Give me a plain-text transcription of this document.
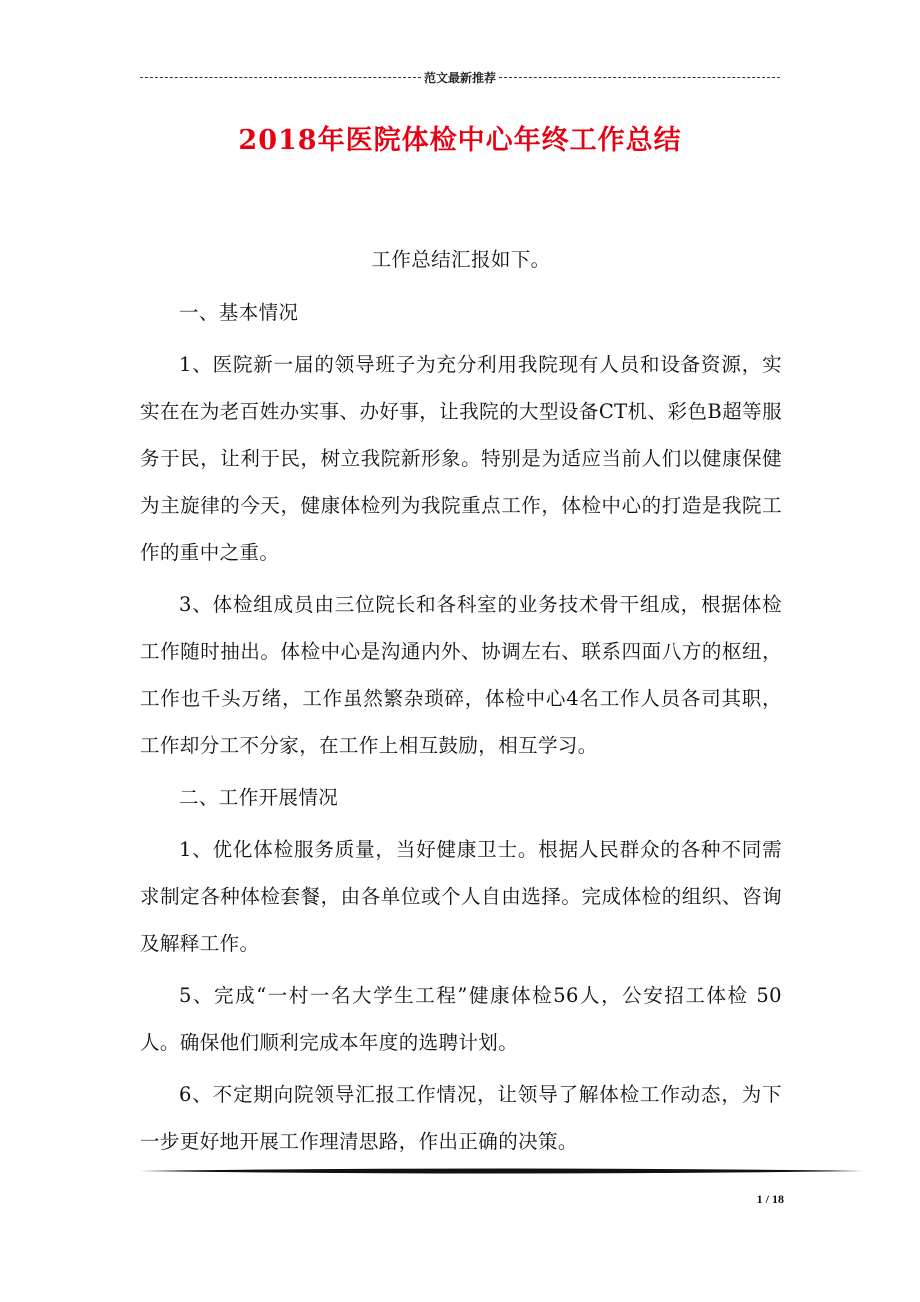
范文最新推荐
2018年医院体检中心年终工作总结

工作总结汇报如下。

一、基本情况

1、医院新一届的领导班子为充分利用我院现有人员和设备资源，实实在在为老百姓办实事、办好事，让我院的大型设备CT机、彩色B超等服务于民，让利于民，树立我院新形象。特别是为适应当前人们以健康保健为主旋律的今天，健康体检列为我院重点工作，体检中心的打造是我院工作的重中之重。

3、体检组成员由三位院长和各科室的业务技术骨干组成，根据体检工作随时抽出。体检中心是沟通内外、协调左右、联系四面八方的枢纽，工作也千头万绪，工作虽然繁杂琐碎，体检中心4名工作人员各司其职，工作却分工不分家，在工作上相互鼓励，相互学习。

二、工作开展情况

1、优化体检服务质量，当好健康卫士。根据人民群众的各种不同需求制定各种体检套餐，由各单位或个人自由选择。完成体检的组织、咨询及解释工作。

5、完成“一村一名大学生工程”健康体检56人，公安招工体检 50人。确保他们顺利完成本年度的选聘计划。

6、不定期向院领导汇报工作情况，让领导了解体检工作动态，为下一步更好地开展工作理清思路，作出正确的决策。

1 / 18
